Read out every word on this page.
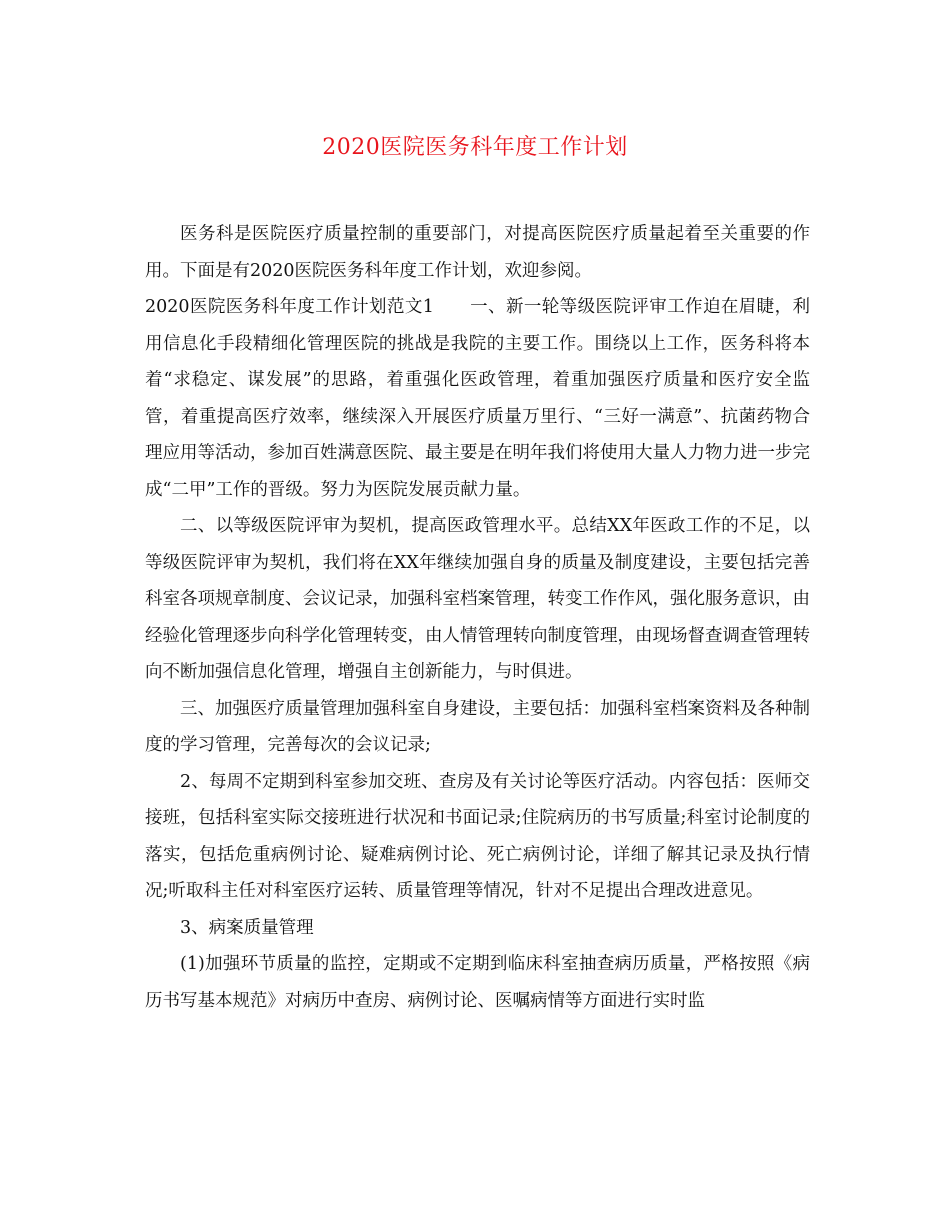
2020医院医务科年度工作计划

医务科是医院医疗质量控制的重要部门，对提高医院医疗质量起着至关重要的作用。下面是有2020医院医务科年度工作计划，欢迎参阅。

2020医院医务科年度工作计划范文1　　一、新一轮等级医院评审工作迫在眉睫，利用信息化手段精细化管理医院的挑战是我院的主要工作。围绕以上工作，医务科将本着“求稳定、谋发展”的思路，着重强化医政管理，着重加强医疗质量和医疗安全监管，着重提高医疗效率，继续深入开展医疗质量万里行、“三好一满意”、抗菌药物合理应用等活动，参加百姓满意医院、最主要是在明年我们将使用大量人力物力进一步完成“二甲”工作的晋级。努力为医院发展贡献力量。

二、以等级医院评审为契机，提高医政管理水平。总结XX年医政工作的不足，以等级医院评审为契机，我们将在XX年继续加强自身的质量及制度建设，主要包括完善科室各项规章制度、会议记录，加强科室档案管理，转变工作作风，强化服务意识，由经验化管理逐步向科学化管理转变，由人情管理转向制度管理，由现场督查调查管理转向不断加强信息化管理，增强自主创新能力，与时俱进。

三、加强医疗质量管理加强科室自身建设，主要包括：加强科室档案资料及各种制度的学习管理，完善每次的会议记录;

2、每周不定期到科室参加交班、查房及有关讨论等医疗活动。内容包括：医师交接班，包括科室实际交接班进行状况和书面记录;住院病历的书写质量;科室讨论制度的落实，包括危重病例讨论、疑难病例讨论、死亡病例讨论，详细了解其记录及执行情况;听取科主任对科室医疗运转、质量管理等情况，针对不足提出合理改进意见。

3、病案质量管理

(1)加强环节质量的监控，定期或不定期到临床科室抽查病历质量，严格按照《病历书写基本规范》对病历中查房、病例讨论、医嘱病情等方面进行实时监
